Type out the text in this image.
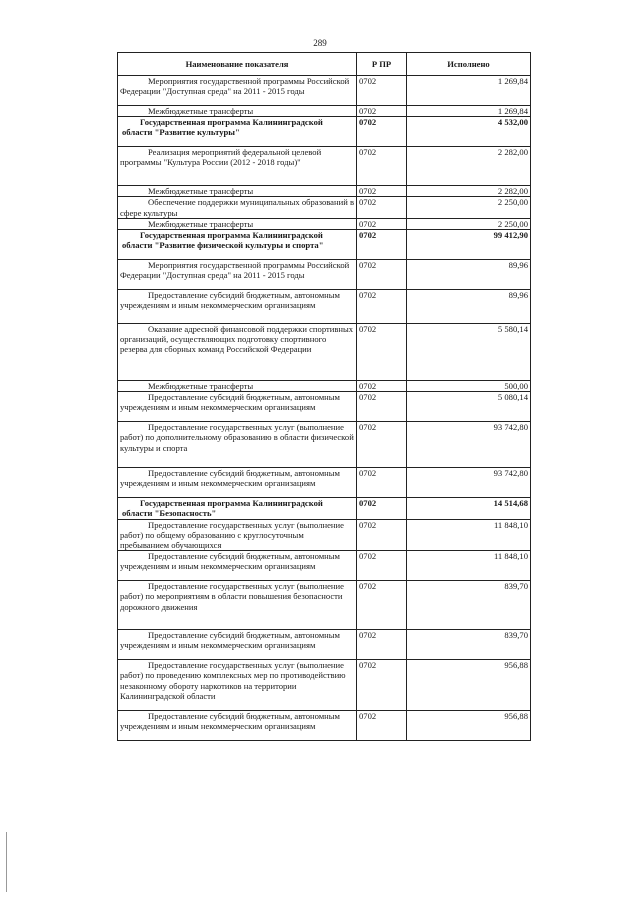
289
Наименование показателя	Р ПР	Исполнено
Мероприятия государственной программы Российской Федерации "Доступная среда" на 2011 - 2015 годы	0702	1 269,84
Межбюджетные трансферты	0702	1 269,84
Государственная программа Калининградской области "Развитие культуры"	0702	4 532,00
Реализация мероприятий федеральной целевой программы "Культура России (2012 - 2018 годы)"	0702	2 282,00
Межбюджетные трансферты	0702	2 282,00
Обеспечение поддержки муниципальных образований в сфере культуры	0702	2 250,00
Межбюджетные трансферты	0702	2 250,00
Государственная программа Калининградской области "Развитие физической культуры и спорта"	0702	99 412,90
Мероприятия государственной программы Российской Федерации "Доступная среда" на 2011 - 2015 годы	0702	89,96
Предоставление субсидий бюджетным, автономным учреждениям и иным некоммерческим организациям	0702	89,96
Оказание адресной финансовой поддержки спортивных организаций, осуществляющих подготовку спортивного резерва для сборных команд Российской Федерации	0702	5 580,14
Межбюджетные трансферты	0702	500,00
Предоставление субсидий бюджетным, автономным учреждениям и иным некоммерческим организациям	0702	5 080,14
Предоставление государственных услуг (выполнение работ) по дополнительному образованию в области физической культуры и спорта	0702	93 742,80
Предоставление субсидий бюджетным, автономным учреждениям и иным некоммерческим организациям	0702	93 742,80
Государственная программа Калининградской области "Безопасность"	0702	14 514,68
Предоставление государственных услуг (выполнение работ) по общему образованию с круглосуточным пребыванием обучающихся	0702	11 848,10
Предоставление субсидий бюджетным, автономным учреждениям и иным некоммерческим организациям	0702	11 848,10
Предоставление государственных услуг (выполнение работ) по мероприятиям в области повышения безопасности дорожного движения	0702	839,70
Предоставление субсидий бюджетным, автономным учреждениям и иным некоммерческим организациям	0702	839,70
Предоставление государственных услуг (выполнение работ) по проведению комплексных мер по противодействию незаконному обороту наркотиков на территории Калининградской области	0702	956,88
Предоставление субсидий бюджетным, автономным учреждениям и иным некоммерческим организациям	0702	956,88
